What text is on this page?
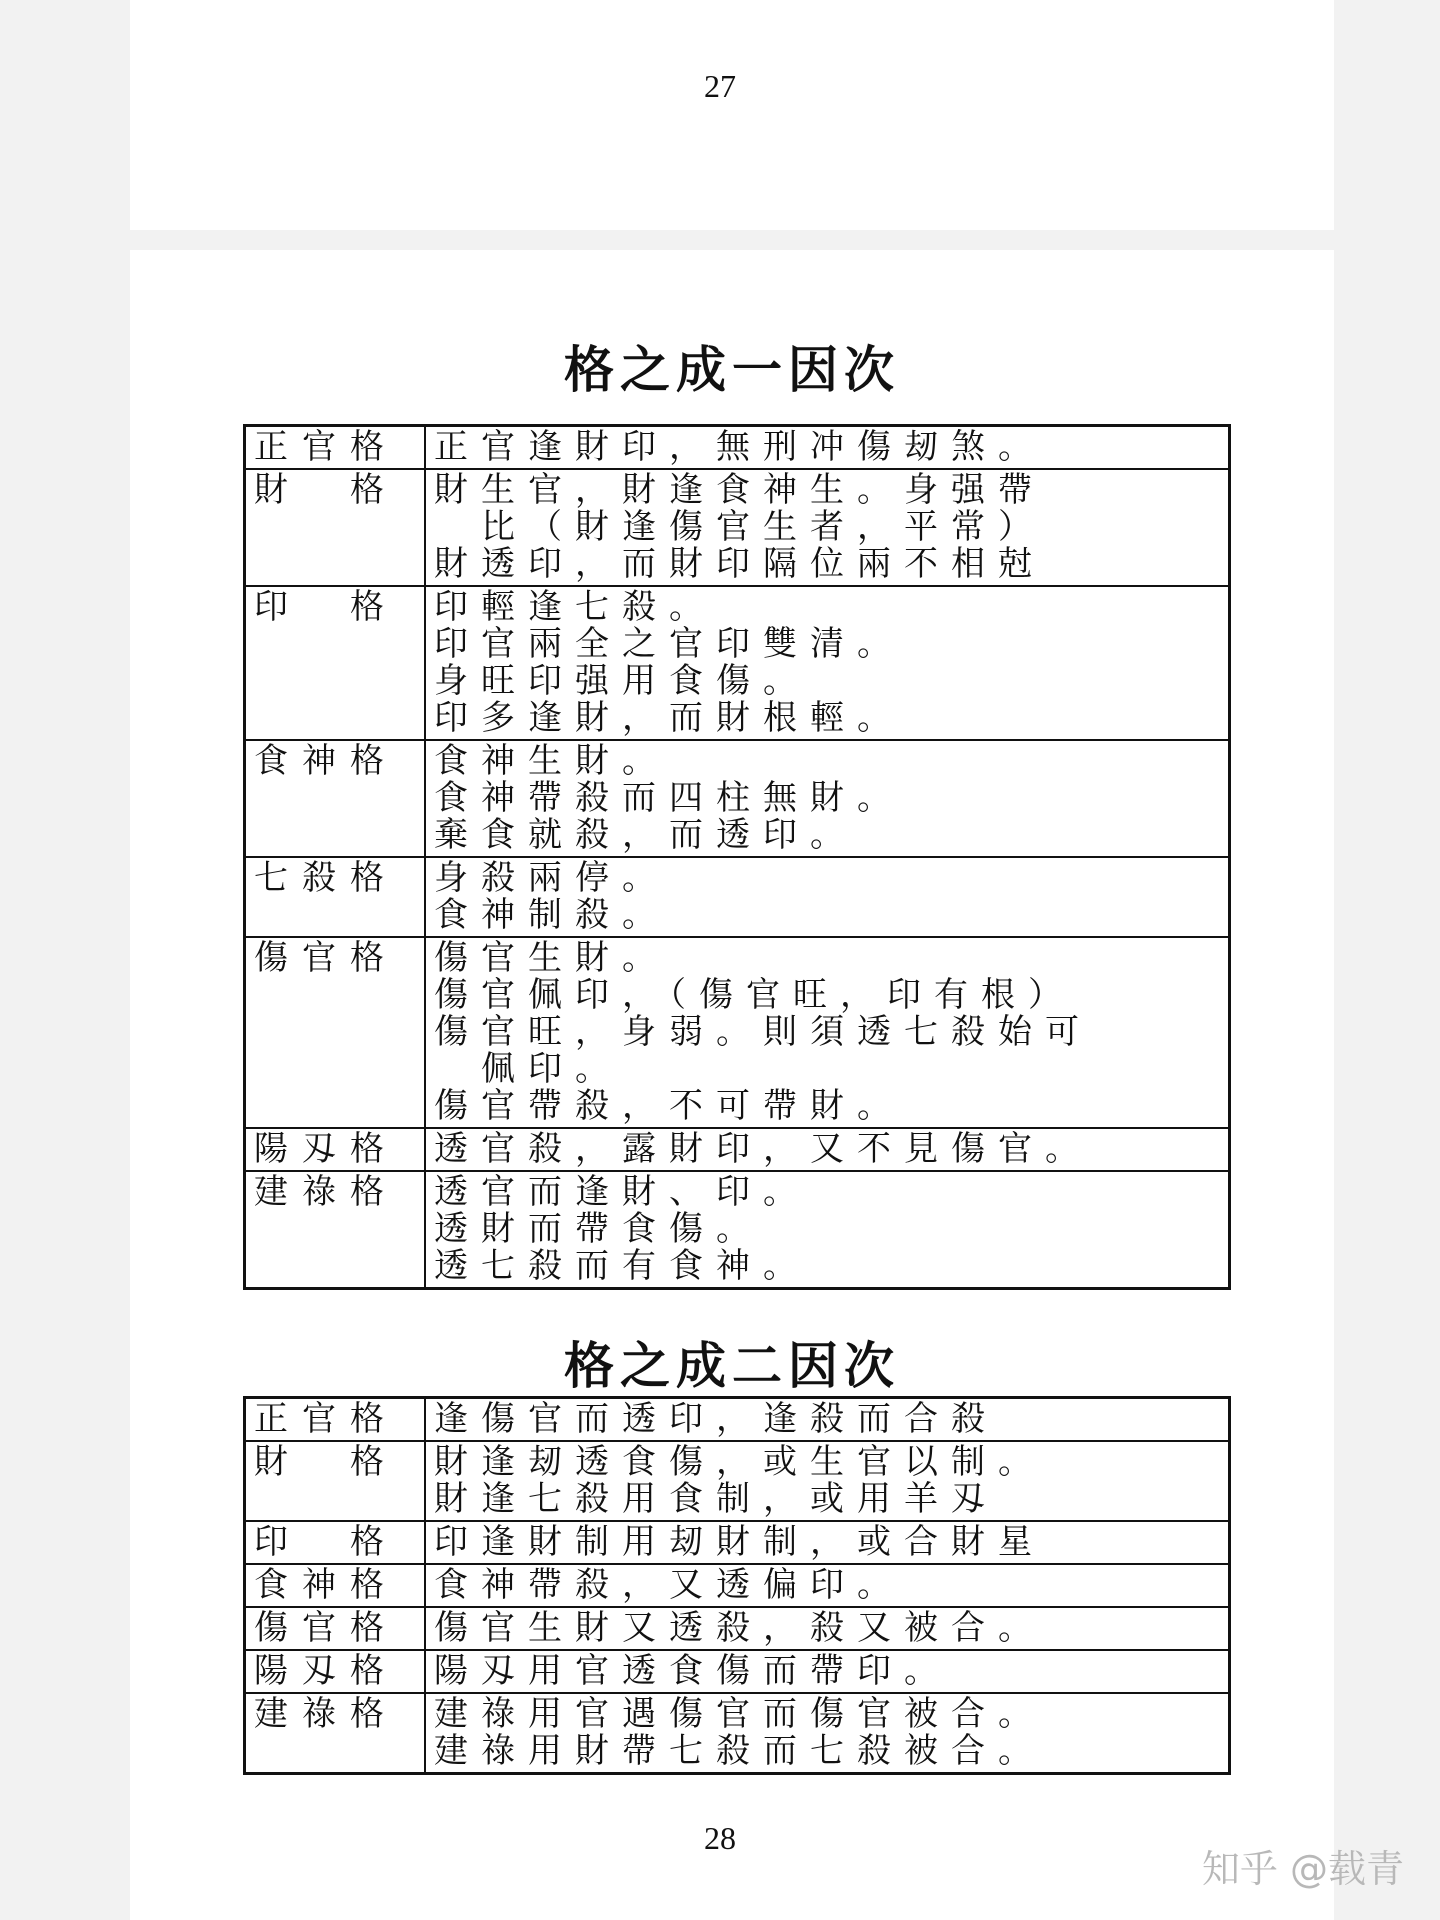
27
格之成一因次
正官格	正官逢財印，無刑冲傷刼煞。

財　格	財生官，財逢食神生。身强帶
　比（財逢傷官生者，平常）
財透印，而財印隔位兩不相尅

印　格	印輕逢七殺。
印官兩全之官印雙清。
身旺印强用食傷。
印多逢財，而財根輕。

食神格	食神生財。
食神帶殺而四柱無財。
棄食就殺，而透印。

七殺格	身殺兩停。
食神制殺。

傷官格	傷官生財。
傷官佩印，（傷官旺，印有根）
傷官旺，身弱。則須透七殺始可
　佩印。
傷官帶殺，不可帶財。

陽刄格	透官殺，露財印，又不見傷官。

建祿格	透官而逢財、印。
透財而帶食傷。
透七殺而有食神。
格之成二因次
正官格	逢傷官而透印，逢殺而合殺

財　格	財逢刼透食傷，或生官以制。
財逢七殺用食制，或用羊刄

印　格	印逢財制用刼財制，或合財星

食神格	食神帶殺，又透偏印。

傷官格	傷官生財又透殺，殺又被合。

陽刄格	陽刄用官透食傷而帶印。

建祿格	建祿用官遇傷官而傷官被合。
建祿用財帶七殺而七殺被合。
28
知乎 @载青
